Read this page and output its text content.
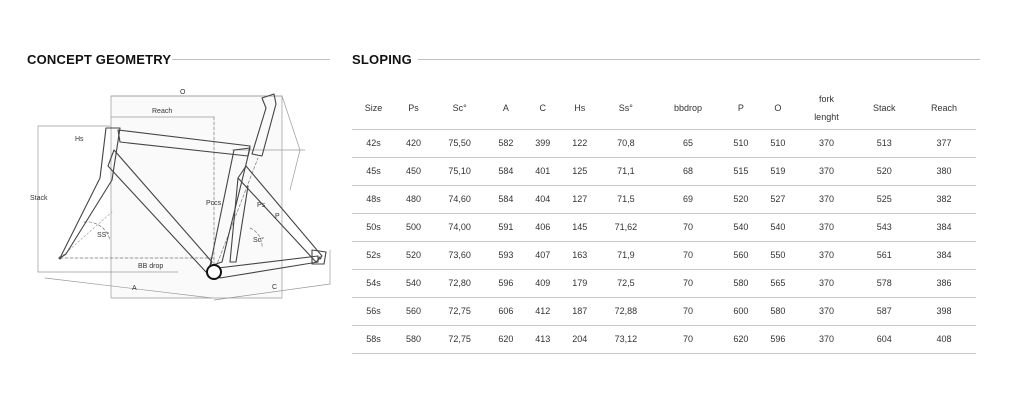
CONCEPT GEOMETRY	SLOPING
O
Reach
Hs
Stack
SS°
Pccs	Ps
P
Sc°
BB drop
A	C
Size	Ps	Sc°	A	C	Hs	Ss°	bbdrop	P	O	fork
lenght	Stack	Reach
42s	420	75,50	582	399	122	70,8	65	510	510	370	513	377
45s	450	75,10	584	401	125	71,1	68	515	519	370	520	380
48s	480	74,60	584	404	127	71,5	69	520	527	370	525	382
50s	500	74,00	591	406	145	71,62	70	540	540	370	543	384
52s	520	73,60	593	407	163	71,9	70	560	550	370	561	384
54s	540	72,80	596	409	179	72,5	70	580	565	370	578	386
56s	560	72,75	606	412	187	72,88	70	600	580	370	587	398
58s	580	72,75	620	413	204	73,12	70	620	596	370	604	408
